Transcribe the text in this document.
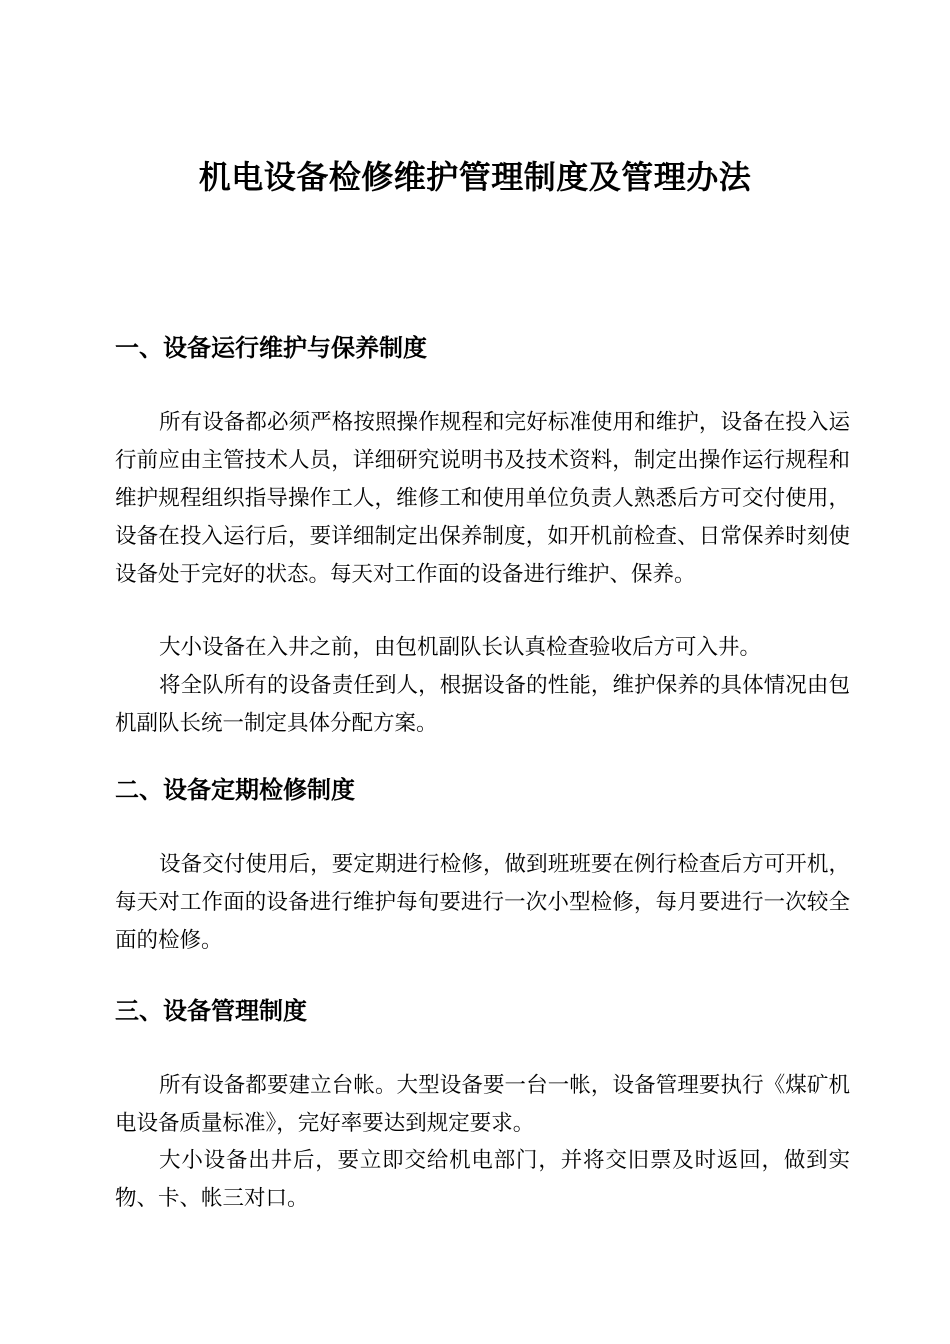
机电设备检修维护管理制度及管理办法
一、设备运行维护与保养制度

所有设备都必须严格按照操作规程和完好标准使用和维护，设备在投入运行前应由主管技术人员，详细研究说明书及技术资料，制定出操作运行规程和维护规程组织指导操作工人，维修工和使用单位负责人熟悉后方可交付使用，设备在投入运行后，要详细制定出保养制度，如开机前检查、日常保养时刻使设备处于完好的状态。每天对工作面的设备进行维护、保养。

大小设备在入井之前，由包机副队长认真检查验收后方可入井。

将全队所有的设备责任到人，根据设备的性能，维护保养的具体情况由包机副队长统一制定具体分配方案。

二、设备定期检修制度

设备交付使用后，要定期进行检修，做到班班要在例行检查后方可开机，每天对工作面的设备进行维护每旬要进行一次小型检修，每月要进行一次较全面的检修。

三、设备管理制度

所有设备都要建立台帐。大型设备要一台一帐，设备管理要执行《煤矿机电设备质量标准》，完好率要达到规定要求。

大小设备出井后，要立即交给机电部门，并将交旧票及时返回，做到实物、卡、帐三对口。
